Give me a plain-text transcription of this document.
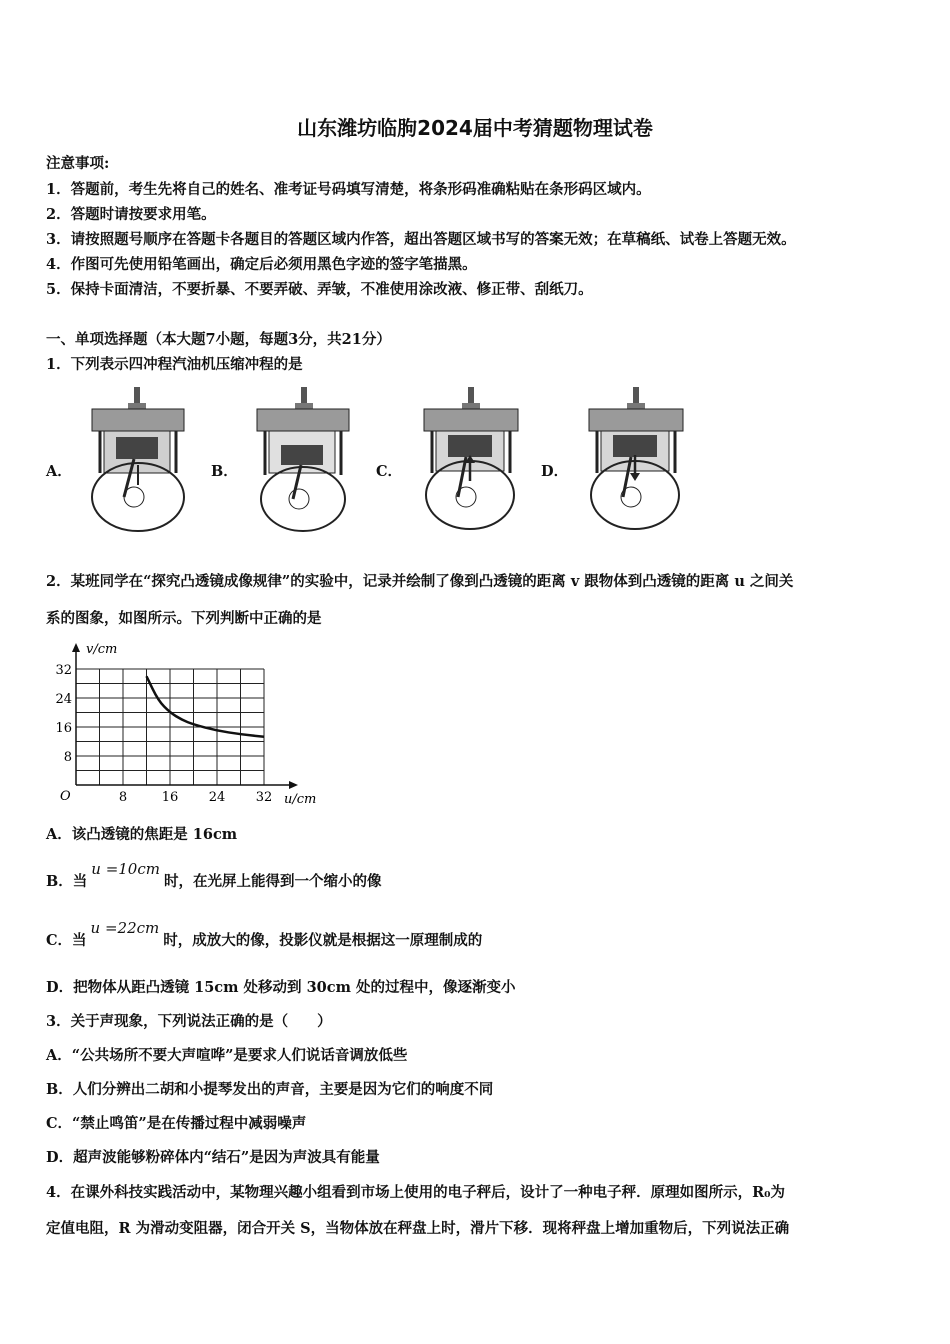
山东潍坊临朐2024届中考猜题物理试卷
注意事项:
1．答题前，考生先将自己的姓名、准考证号码填写清楚，将条形码准确粘贴在条形码区域内。
2．答题时请按要求用笔。
3．请按照题号顺序在答题卡各题目的答题区域内作答，超出答题区域书写的答案无效；在草稿纸、试卷上答题无效。
4．作图可先使用铅笔画出，确定后必须用黑色字迹的签字笔描黑。
5．保持卡面清洁，不要折暴、不要弄破、弄皱，不准使用涂改液、修正带、刮纸刀。
一、单项选择题（本大题7小题，每题3分，共21分）
1．下列表示四冲程汽油机压缩冲程的是
A．	B．	C．	D．
2．某班同学在“探究凸透镜成像规律”的实验中，记录并绘制了像到凸透镜的距离 v 跟物体到凸透镜的距离 u 之间关
系的图象，如图所示。下列判断中正确的是
v/cm
u/cm
O	8	16 24 32
8
16
24
32
A．该凸透镜的焦距是 16cm
B．当u =10cm时，在光屏上能得到一个缩小的像
C．当u =22cm时，成放大的像，投影仪就是根据这一原理制成的
D．把物体从距凸透镜 15cm 处移动到 30cm 处的过程中，像逐渐变小
3．关于声现象，下列说法正确的是（　　）
A．“公共场所不要大声喧哗”是要求人们说话音调放低些
B．人们分辨出二胡和小提琴发出的声音，主要是因为它们的响度不同
C．“禁止鸣笛”是在传播过程中减弱噪声
D．超声波能够粉碎体内“结石”是因为声波具有能量
4．在课外科技实践活动中，某物理兴趣小组看到市场上使用的电子秤后，设计了一种电子秤．原理如图所示，R₀为
定值电阻，R 为滑动变阻器，闭合开关 S，当物体放在秤盘上时，滑片下移．现将秤盘上增加重物后，下列说法正确
